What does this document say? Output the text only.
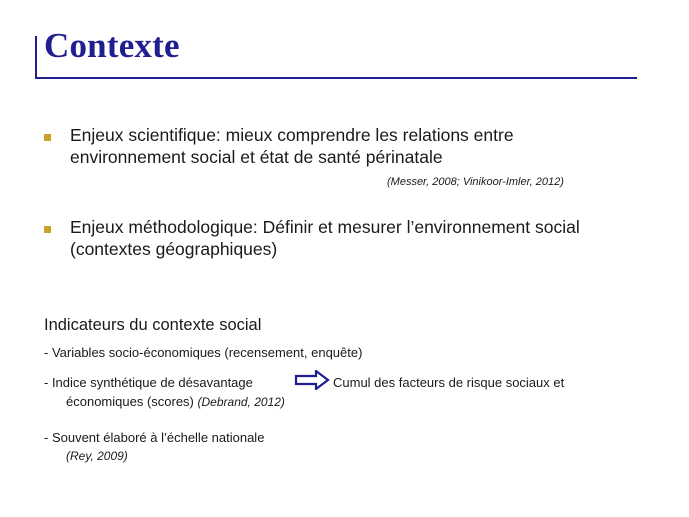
Contexte
Enjeux scientifique: mieux comprendre les relations entre
environnement social et état de santé périnatale
(Messer, 2008; Vinikoor-Imler, 2012)
Enjeux méthodologique: Définir et mesurer l’environnement social
(contextes géographiques)
Indicateurs du contexte social
- Variables socio-économiques (recensement, enquête)
- Indice synthétique de désavantage	Cumul des facteurs de risque sociaux et
économiques (scores) (Debrand, 2012)
- Souvent élaboré à l’échelle nationale
(Rey, 2009)
